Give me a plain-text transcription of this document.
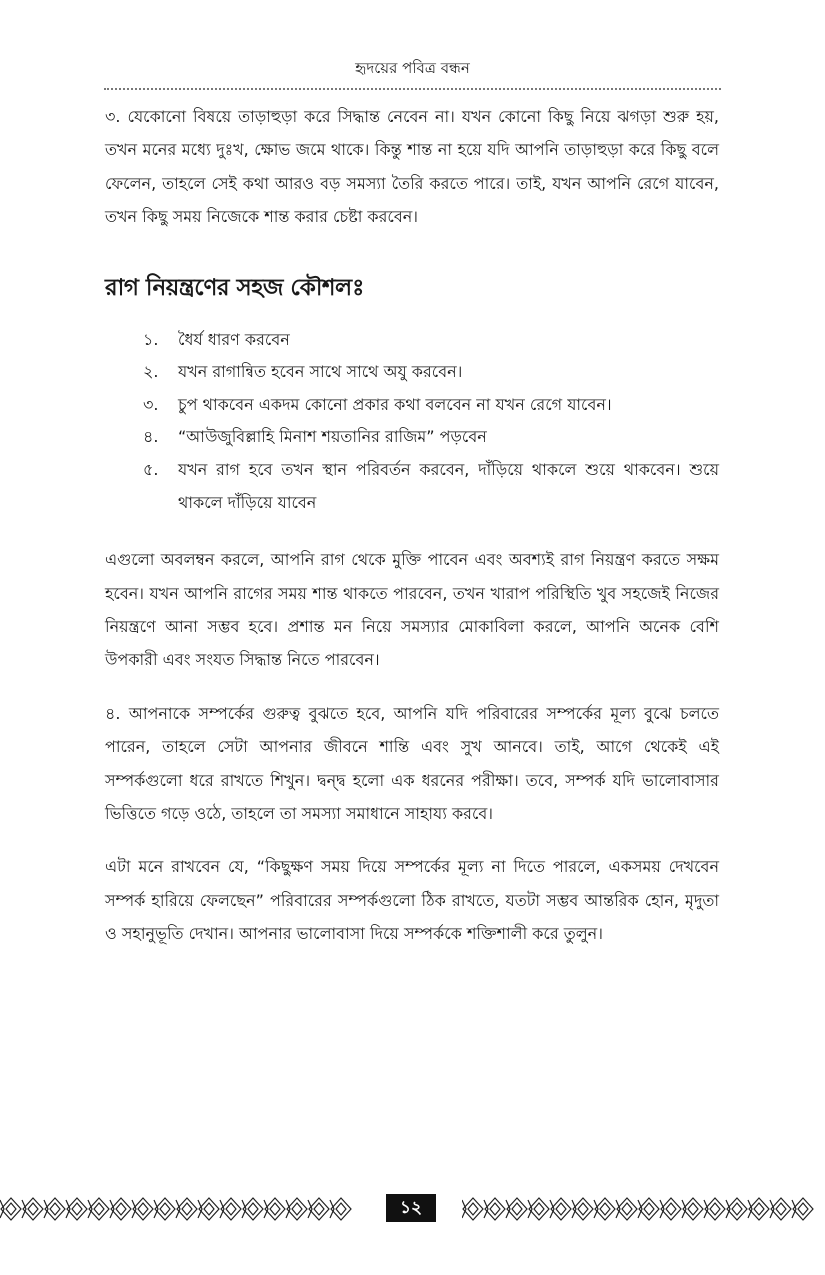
হৃদয়ের পবিত্র বন্ধন

৩. যেকোনো বিষয়ে তাড়াহুড়া করে সিদ্ধান্ত নেবেন না। যখন কোনো কিছু নিয়ে ঝগড়া শুরু হয়, তখন মনের মধ্যে দুঃখ, ক্ষোভ জমে থাকে। কিন্তু শান্ত না হয়ে যদি আপনি তাড়াহুড়া করে কিছু বলে ফেলেন, তাহলে সেই কথা আরও বড় সমস্যা তৈরি করতে পারে। তাই, যখন আপনি রেগে যাবেন, তখন কিছু সময় নিজেকে শান্ত করার চেষ্টা করবেন।

রাগ নিয়ন্ত্রণের সহজ কৌশলঃ
১.	ধৈর্য ধারণ করবেন
২.	যখন রাগান্বিত হবেন সাথে সাথে অযু করবেন।
৩.	চুপ থাকবেন একদম কোনো প্রকার কথা বলবেন না যখন রেগে যাবেন।
৪.	“আউজুবিল্লাহি মিনাশ শয়তানির রাজিম” পড়বেন
৫.	যখন রাগ হবে তখন স্থান পরিবর্তন করবেন, দাঁড়িয়ে থাকলে শুয়ে থাকবেন। শুয়ে থাকলে দাঁড়িয়ে যাবেন

এগুলো অবলম্বন করলে, আপনি রাগ থেকে মুক্তি পাবেন এবং অবশ্যই রাগ নিয়ন্ত্রণ করতে সক্ষম হবেন। যখন আপনি রাগের সময় শান্ত থাকতে পারবেন, তখন খারাপ পরিস্থিতি খুব সহজেই নিজের নিয়ন্ত্রণে আনা সম্ভব হবে। প্রশান্ত মন নিয়ে সমস্যার মোকাবিলা করলে, আপনি অনেক বেশি উপকারী এবং সংযত সিদ্ধান্ত নিতে পারবেন।

৪. আপনাকে সম্পর্কের গুরুত্ব বুঝতে হবে, আপনি যদি পরিবারের সম্পর্কের মূল্য বুঝে চলতে পারেন, তাহলে সেটা আপনার জীবনে শান্তি এবং সুখ আনবে। তাই, আগে থেকেই এই সম্পর্কগুলো ধরে রাখতে শিখুন। দ্বন্দ্ব হলো এক ধরনের পরীক্ষা। তবে, সম্পর্ক যদি ভালোবাসার ভিত্তিতে গড়ে ওঠে, তাহলে তা সমস্যা সমাধানে সাহায্য করবে।

এটা মনে রাখবেন যে, “কিছুক্ষণ সময় দিয়ে সম্পর্কের মূল্য না দিতে পারলে, একসময় দেখবেন সম্পর্ক হারিয়ে ফেলছেন” পরিবারের সম্পর্কগুলো ঠিক রাখতে, যতটা সম্ভব আন্তরিক হোন, মৃদুতা ও সহানুভূতি দেখান। আপনার ভালোবাসা দিয়ে সম্পর্ককে শক্তিশালী করে তুলুন।

১২
